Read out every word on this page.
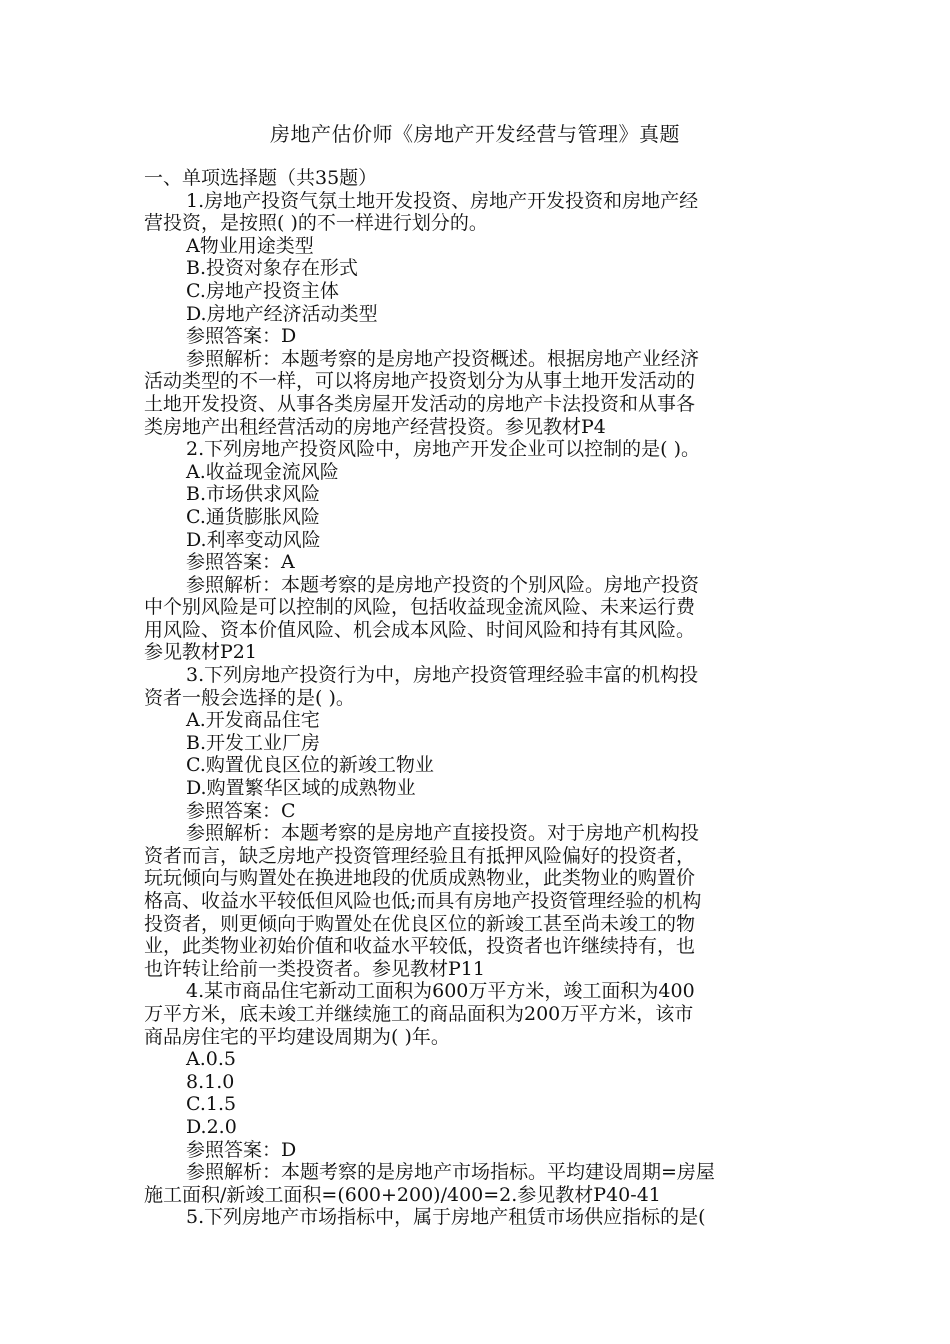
房地产估价师《房地产开发经营与管理》真题
一、单项选择题（共35题）
1.房地产投资气氛土地开发投资、房地产开发投资和房地产经
营投资，是按照( )的不一样进行划分的。
A物业用途类型
B.投资对象存在形式
C.房地产投资主体
D.房地产经济活动类型
参照答案：D
参照解析：本题考察的是房地产投资概述。根据房地产业经济
活动类型的不一样，可以将房地产投资划分为从事土地开发活动的
土地开发投资、从事各类房屋开发活动的房地产卡法投资和从事各
类房地产出租经营活动的房地产经营投资。参见教材P4
2.下列房地产投资风险中，房地产开发企业可以控制的是( )。
A.收益现金流风险
B.市场供求风险
C.通货膨胀风险
D.利率变动风险
参照答案：A
参照解析：本题考察的是房地产投资的个别风险。房地产投资
中个别风险是可以控制的风险，包括收益现金流风险、未来运行费
用风险、资本价值风险、机会成本风险、时间风险和持有其风险。
参见教材P21
3.下列房地产投资行为中，房地产投资管理经验丰富的机构投
资者一般会选择的是( )。
A.开发商品住宅
B.开发工业厂房
C.购置优良区位的新竣工物业
D.购置繁华区域的成熟物业
参照答案：C
参照解析：本题考察的是房地产直接投资。对于房地产机构投
资者而言，缺乏房地产投资管理经验且有抵押风险偏好的投资者，
玩玩倾向与购置处在换进地段的优质成熟物业，此类物业的购置价
格高、收益水平较低但风险也低;而具有房地产投资管理经验的机构
投资者，则更倾向于购置处在优良区位的新竣工甚至尚未竣工的物
业，此类物业初始价值和收益水平较低，投资者也许继续持有，也
也许转让给前一类投资者。参见教材P11
4.某市商品住宅新动工面积为600万平方米，竣工面积为400
万平方米，底未竣工并继续施工的商品面积为200万平方米，该市
商品房住宅的平均建设周期为( )年。
A.0.5
8.1.0
C.1.5
D.2.0
参照答案：D
参照解析：本题考察的是房地产市场指标。平均建设周期=房屋
施工面积/新竣工面积=(600+200)/400=2.参见教材P40-41
5.下列房地产市场指标中，属于房地产租赁市场供应指标的是(
